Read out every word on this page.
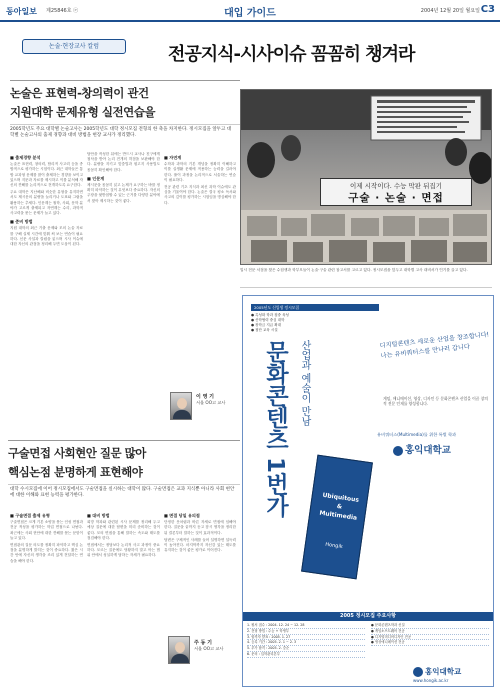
동아일보 제25846호 ⓔ	대입 가이드	2004년 12월 20일 월요일 C3
논술·현장교사 칼럼	전공지식-시사이슈 꼼꼼히 챙겨라
논술은 표현력-창의력이 관건
지원대학 문제유형 실전연습을
2005학년도 주요 대학별 논술고사는 2005학년도 대학 정시모집 전형의 한 축을 차지한다. 정시모집을 앞두고 대학별 논술고사의 출제 경향과 대비 방법을 현장 교사가 정리했다.
■ 출제경향 분석

논술은 표현력, 창의력, 합리적 사고력 등을 종합적으로 평가하는 시험이다. 최근 대학들은 통합 교과형 문제를 많이 출제하는 경향을 보이고 있으며 지문과 자료를 제시하고 이를 분석해 자신의 견해를 논리적으로 전개하도록 요구한다.

주요 대학은 지난해와 비슷한 유형을 유지하면서도 제시문의 분량을 늘리거나 도표와 그림을 활용하는 추세다. 인문계는 철학, 사회, 문학 분야가 고르게 출제되고 자연계는 수리, 과학적 사고력을 묻는 문제가 늘고 있다.

■ 준비 방법

지원 대학의 최근 기출 문제와 모의 논술 자료를 구해 실제 시간에 맞춰 써 보는 연습이 필요하다. 신문 사설과 칼럼을 읽으며 시사 이슈에 대한 자신의 관점을 정리해 두면 도움이 된다.

답안을 작성한 뒤에는 반드시 교사나 친구에게 첨삭을 받아 논리 전개의 허점을 보완해야 한다. 분량을 지키고 맞춤법과 원고지 사용법도 꼼꼼히 확인해야 한다.

■ 인문계

제시문을 꼼꼼히 읽고 논제가 요구하는 바를 정확히 파악하는 것이 무엇보다 중요하다. 자신의 주장을 뒷받침할 수 있는 근거를 다양한 분야에서 찾아 제시하는 것이 좋다.

■ 자연계

수학과 과학의 기본 개념을 정확히 이해하고 이를 실생활 문제에 적용하는 능력을 길러야 한다. 풀이 과정을 논리적으로 서술하는 연습이 필요하다.

전공 관련 기초 지식과 최신 과학 이슈에도 관심을 기울여야 한다. 논술은 결국 평소 독서와 사고의 깊이를 평가하는 시험임을 명심해야 한다.

이 영 기
서울 OO고 교사
이제 시작이다. 수능 막판 뒤집기
구술 · 논술 · 면접
입시 전문 서점을 찾은 수험생과 학부모들이 논술·구술 관련 참고서를 고르고 있다. 정시모집을 앞두고 대학별 고사 대비서가 인기를 끌고 있다.
2005년도 신입생 정시모집
● 특성화 학과 집중 육성
● 산학협력 중심 대학
● 장학금 지급 확대
● 첨단 교육 시설
문화콘텐츠 1번가	산업과 예술이 만남	디지털콘텐츠 새로운 산업을 창조합니다! 나는 유비쿼터스를 만나러 갑니다
게임, 애니메이션, 영상, 디자인 등 문화콘텐츠 산업을 이끌 창의적 전문 인재를 양성합니다.
유비쿼터스(Multimedia)를 위한 특별 학과
홍익대학교
Ubiquitous
&
Multimedia
Hongik
2005 정시모집 주요사항
1. 원서 접수 : 2004. 12. 24 ~ 12. 28
2. 전형 방법 : 수능 + 학생부
3. 합격자 발표 : 2005. 1. 27
4. 등록 기간 : 2005. 2. 1 ~ 2. 3
5. 추가 합격 : 2005. 2. 중순
6. 문의 : 입학관리본부
● 문화콘텐츠학과 신설
● 게임소프트웨어 전공
● 디지털미디어디자인 전공
● 영상애니메이션 전공
홍익대학교
www.hongik.ac.kr
구술면접 사회현안 질문 많아
핵심논점 분명하게 표현해야
대학 수시모집에 이어 정시모집에서도 구술면접을 실시하는 대학이 많다. 구술면접은 교과 지식뿐 아니라 사회 현안에 대한 이해와 표현 능력을 평가한다.
■ 구술면접 출제 유형

구술면접은 크게 기본 소양을 묻는 인성 면접과 전공 적성을 평가하는 학업 면접으로 나뉜다. 최근에는 사회 현안에 대한 견해를 묻는 문항이 늘고 있다.

면접관의 질문 의도를 정확히 파악하고 핵심 논점을 분명하게 밝히는 것이 중요하다. 짧은 시간 안에 자신의 생각을 조리 있게 전달하는 연습을 해야 한다.

■ 대비 방법

희망 학과와 관련된 시사 문제를 정리해 두고 예상 질문에 대한 답변을 미리 준비하는 것이 좋다. 모의 면접을 통해 말하는 속도와 태도를 점검해야 한다.

면접에서는 정답보다 논리적 사고 과정이 중요하다. 모르는 질문에도 당황하지 말고 아는 범위 안에서 성실하게 답하는 자세가 필요하다.

■ 면접 당일 유의점

단정한 옷차림과 바른 자세로 면접에 임해야 한다. 질문을 끝까지 듣고 잠시 생각을 정리한 뒤 결론부터 말하는 것이 효과적이다.

답변은 구체적인 사례를 들어 설명하면 설득력이 높아진다. 마지막까지 자신감 있는 태도를 유지하는 것이 좋은 평가로 이어진다.

주 동 기
서울 OO고 교사
